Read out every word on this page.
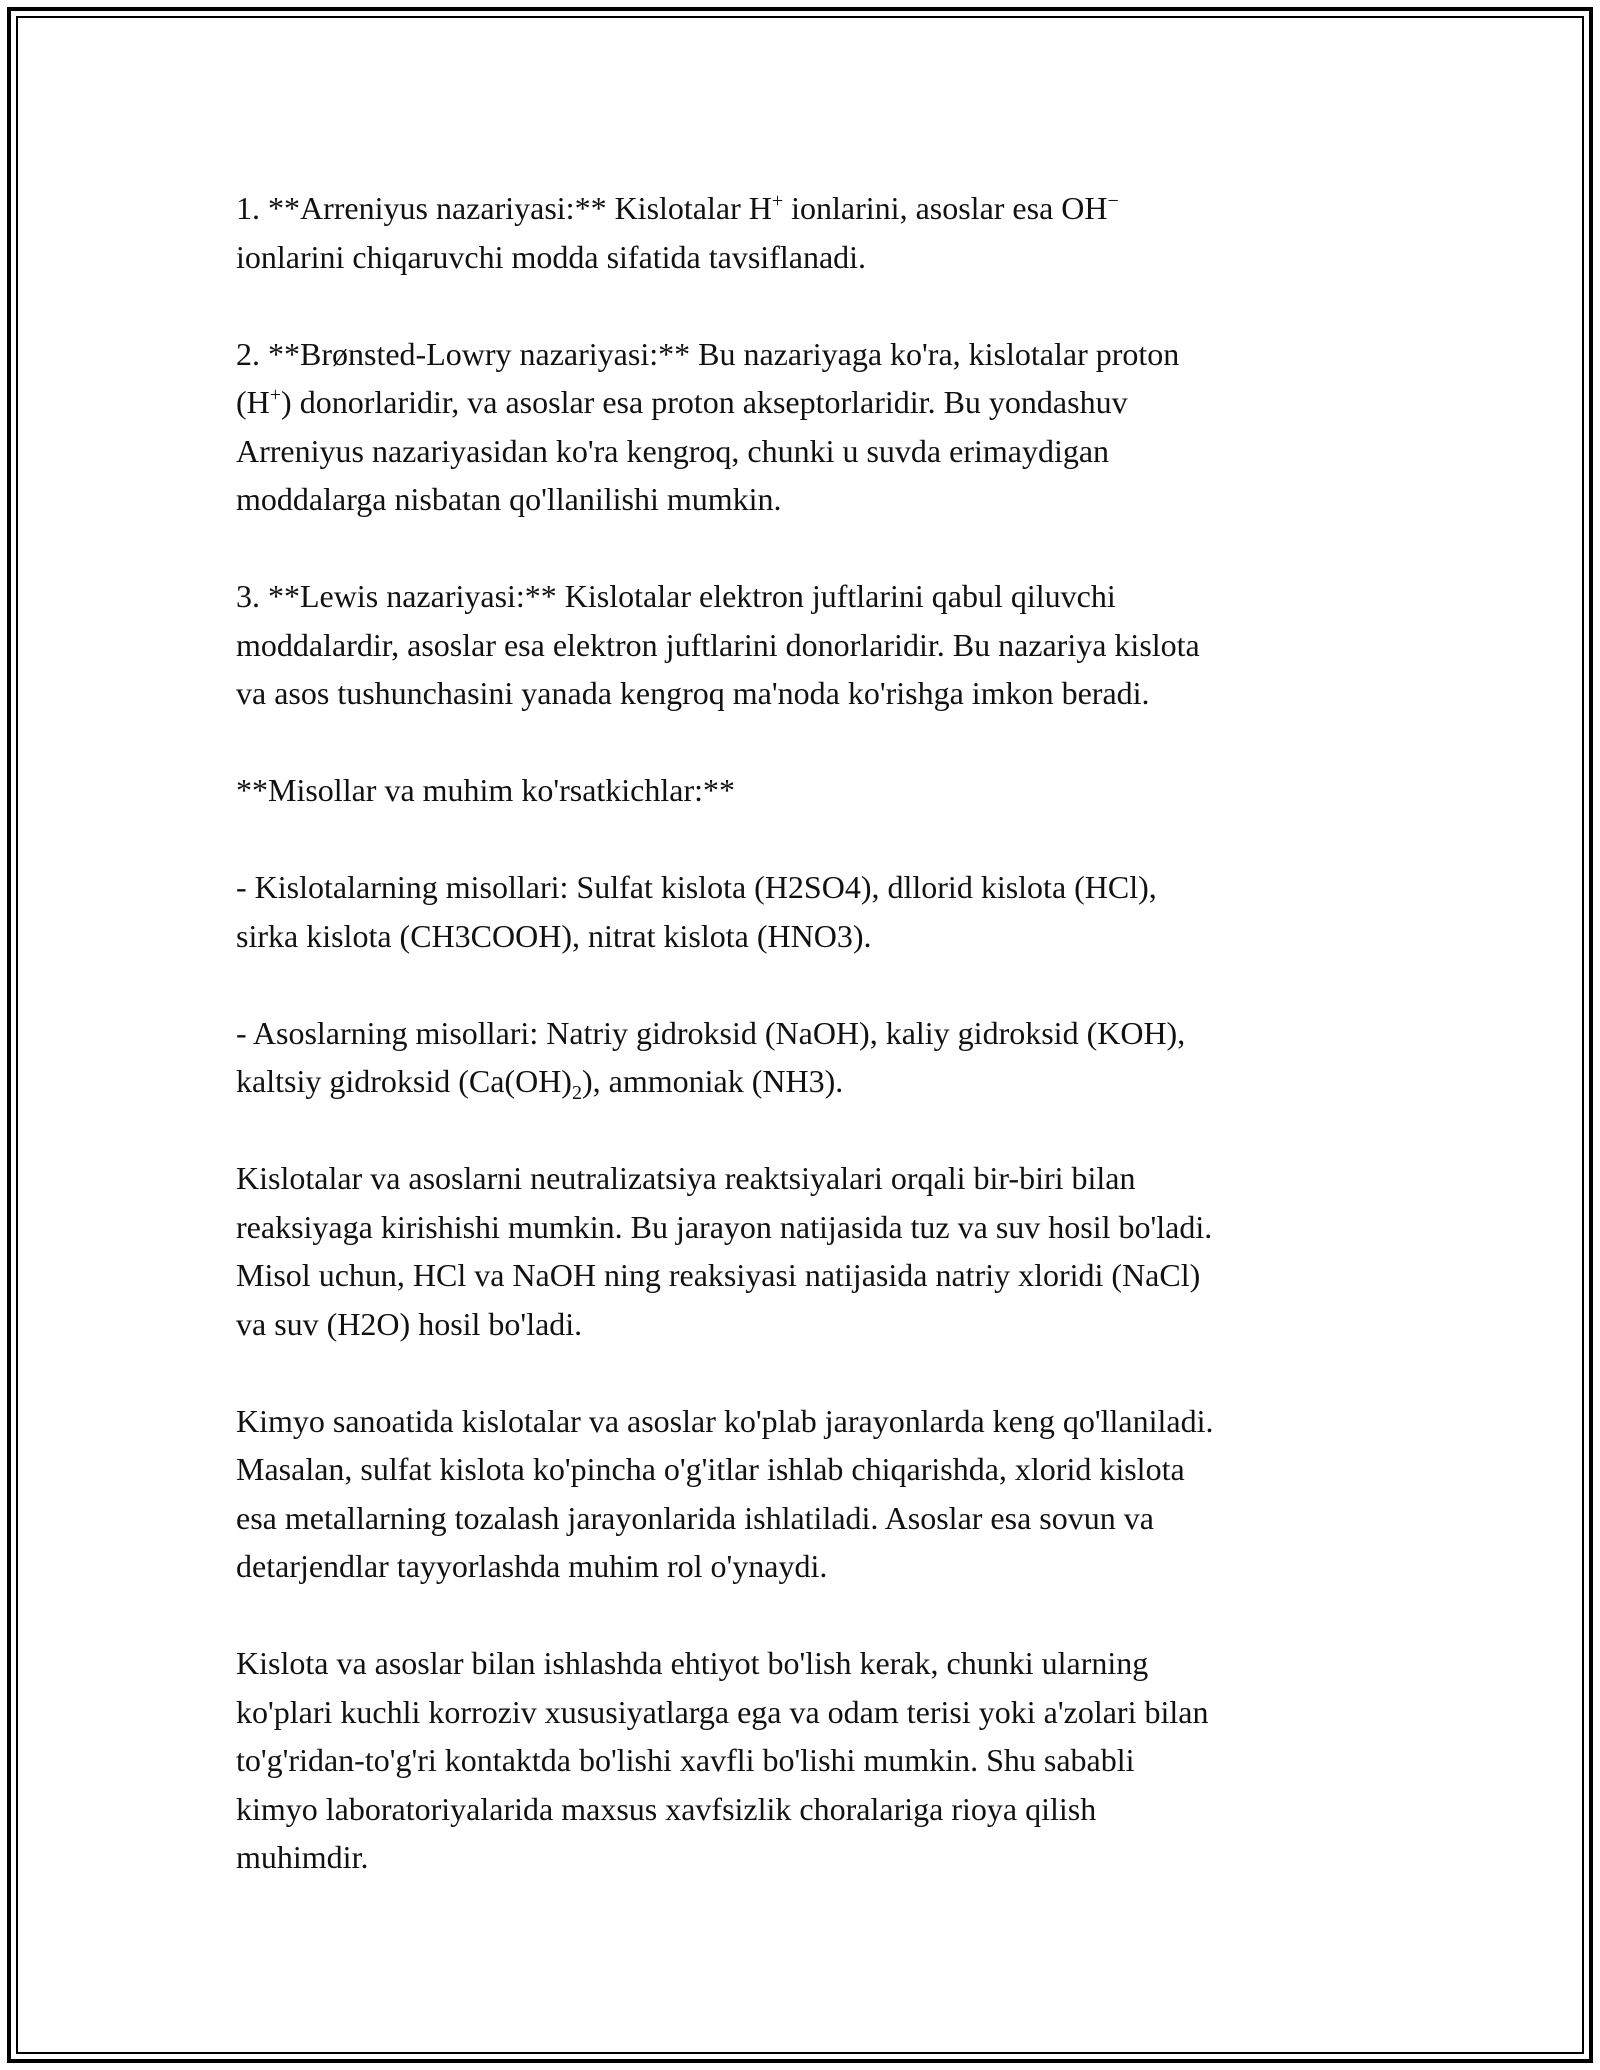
1. **Arreniyus nazariyasi:** Kislotalar H+ ionlarini, asoslar esa OH−
ionlarini chiqaruvchi modda sifatida tavsiflanadi.

2. **Brønsted-Lowry nazariyasi:** Bu nazariyaga ko'ra, kislotalar proton
(H+) donorlaridir, va asoslar esa proton akseptorlaridir. Bu yondashuv
Arreniyus nazariyasidan ko'ra kengroq, chunki u suvda erimaydigan
moddalarga nisbatan qo'llanilishi mumkin.

3. **Lewis nazariyasi:** Kislotalar elektron juftlarini qabul qiluvchi
moddalardir, asoslar esa elektron juftlarini donorlaridir. Bu nazariya kislota
va asos tushunchasini yanada kengroq ma'noda ko'rishga imkon beradi.

**Misollar va muhim ko'rsatkichlar:**

- Kislotalarning misollari: Sulfat kislota (H2SO4), dllorid kislota (HCl),
sirka kislota (CH3COOH), nitrat kislota (HNO3).

- Asoslarning misollari: Natriy gidroksid (NaOH), kaliy gidroksid (KOH),
kaltsiy gidroksid $(Ca(OH)_2)$, ammoniak (NH3).

Kislotalar va asoslarni neutralizatsiya reaktsiyalari orqali bir-biri bilan
reaksiyaga kirishishi mumkin. Bu jarayon natijasida tuz va suv hosil bo'ladi.
Misol uchun, HCl va NaOH ning reaksiyasi natijasida natriy xloridi (NaCl)
va suv (H2O) hosil bo'ladi.

Kimyo sanoatida kislotalar va asoslar ko'plab jarayonlarda keng qo'llaniladi.
Masalan, sulfat kislota ko'pincha o'g'itlar ishlab chiqarishda, xlorid kislota
esa metallarning tozalash jarayonlarida ishlatiladi. Asoslar esa sovun va
detarjendlar tayyorlashda muhim rol o'ynaydi.

Kislota va asoslar bilan ishlashda ehtiyot bo'lish kerak, chunki ularning
ko'plari kuchli korroziv xususiyatlarga ega va odam terisi yoki a'zolari bilan
to'g'ridan-to'g'ri kontaktda bo'lishi xavfli bo'lishi mumkin. Shu sababli
kimyo laboratoriyalarida maxsus xavfsizlik choralariga rioya qilish
muhimdir.
